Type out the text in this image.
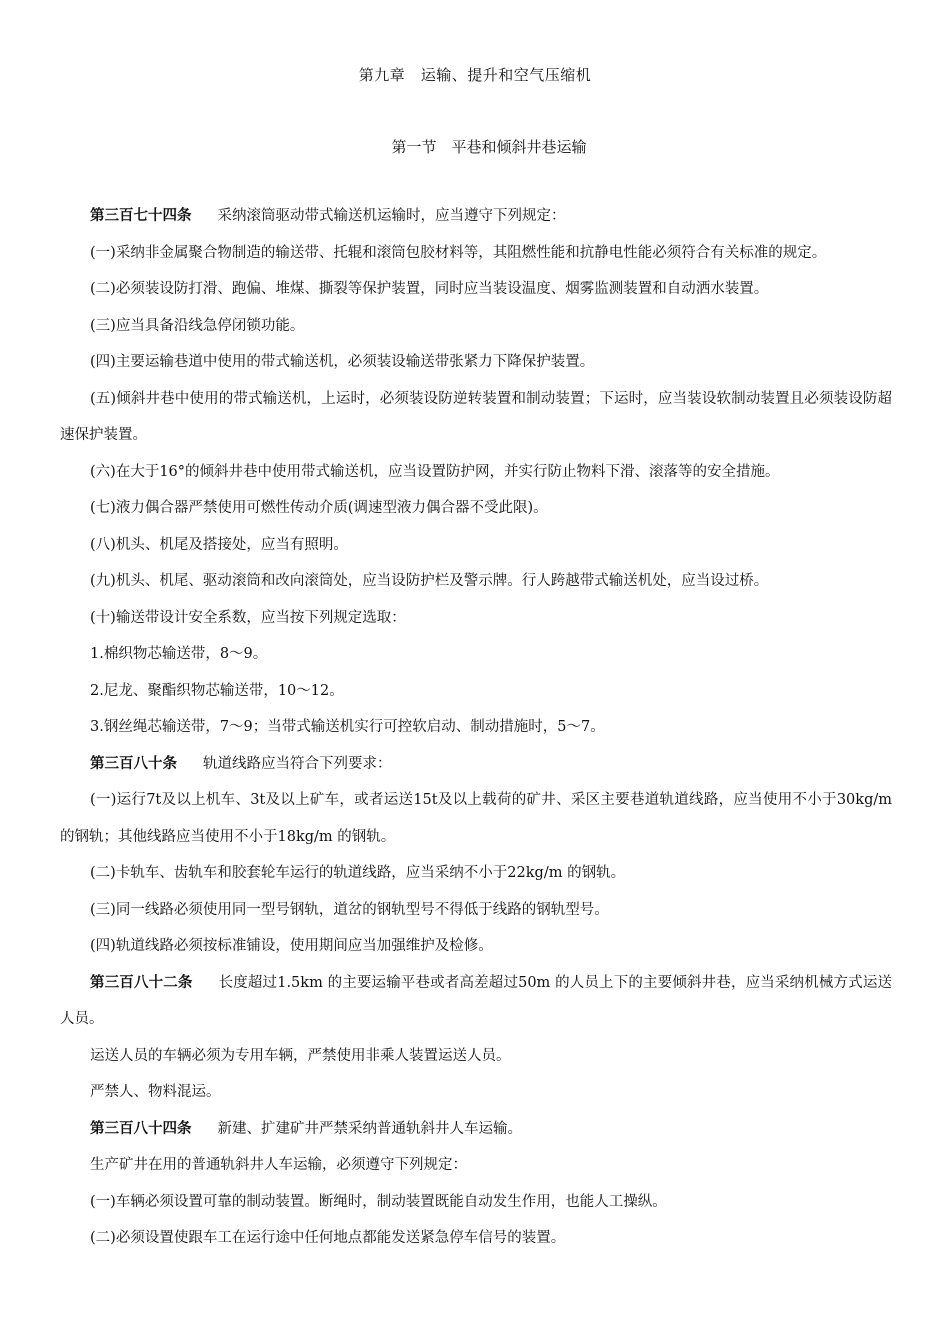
第九章　运输、提升和空气压缩机
第一节　平巷和倾斜井巷运输

第三百七十四条 采纳滚筒驱动带式输送机运输时，应当遵守下列规定：

(一)采纳非金属聚合物制造的输送带、托辊和滚筒包胶材料等，其阻燃性能和抗静电性能必须符合有关标准的规定。

(二)必须装设防打滑、跑偏、堆煤、撕裂等保护装置，同时应当装设温度、烟雾监测装置和自动洒水装置。

(三)应当具备沿线急停闭锁功能。

(四)主要运输巷道中使用的带式输送机，必须装设输送带张紧力下降保护装置。

(五)倾斜井巷中使用的带式输送机，上运时，必须装设防逆转装置和制动装置；下运时，应当装设软制动装置且必须装设防超速保护装置。

(六)在大于16°的倾斜井巷中使用带式输送机，应当设置防护网，并实行防止物料下滑、滚落等的安全措施。

(七)液力偶合器严禁使用可燃性传动介质(调速型液力偶合器不受此限)。

(八)机头、机尾及搭接处，应当有照明。

(九)机头、机尾、驱动滚筒和改向滚筒处，应当设防护栏及警示牌。行人跨越带式输送机处，应当设过桥。

(十)输送带设计安全系数，应当按下列规定选取：

1.棉织物芯输送带，8～9。

2.尼龙、聚酯织物芯输送带，10～12。

3.钢丝绳芯输送带，7～9；当带式输送机实行可控软启动、制动措施时，5～7。

第三百八十条 轨道线路应当符合下列要求：

(一)运行7t及以上机车、3t及以上矿车，或者运送15t及以上载荷的矿井、采区主要巷道轨道线路，应当使用不小于30kg/m 的钢轨；其他线路应当使用不小于18kg/m 的钢轨。

(二)卡轨车、齿轨车和胶套轮车运行的轨道线路，应当采纳不小于22kg/m 的钢轨。

(三)同一线路必须使用同一型号钢轨，道岔的钢轨型号不得低于线路的钢轨型号。

(四)轨道线路必须按标准铺设，使用期间应当加强维护及检修。

第三百八十二条 长度超过1.5km 的主要运输平巷或者高差超过50m 的人员上下的主要倾斜井巷，应当采纳机械方式运送人员。

运送人员的车辆必须为专用车辆，严禁使用非乘人装置运送人员。

严禁人、物料混运。

第三百八十四条 新建、扩建矿井严禁采纳普通轨斜井人车运输。

生产矿井在用的普通轨斜井人车运输，必须遵守下列规定：

(一)车辆必须设置可靠的制动装置。断绳时，制动装置既能自动发生作用，也能人工操纵。

(二)必须设置使跟车工在运行途中任何地点都能发送紧急停车信号的装置。
